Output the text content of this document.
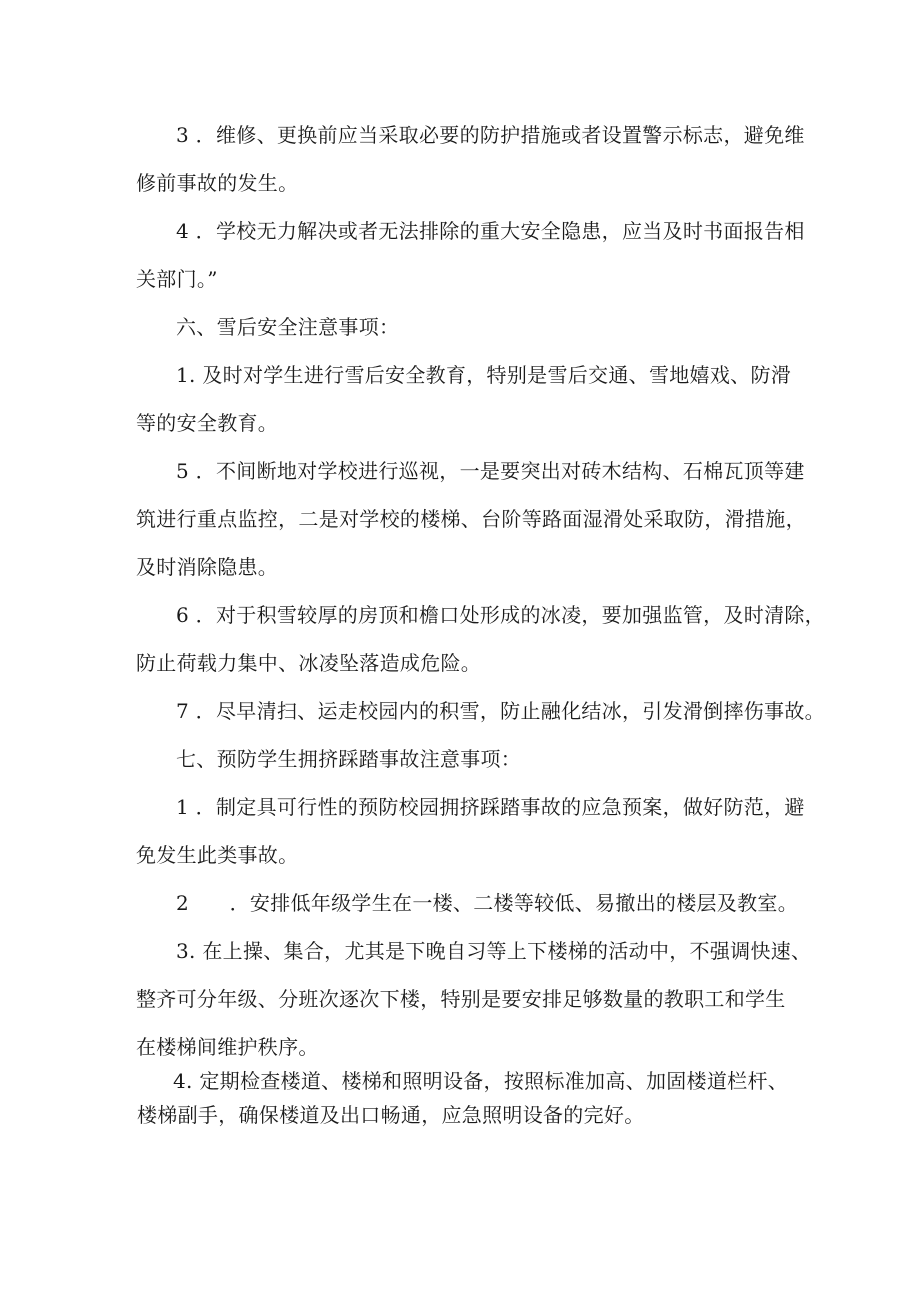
3 ．维修、更换前应当采取必要的防护措施或者设置警示标志，避免维
修前事故的发生。
4 ．学校无力解决或者无法排除的重大安全隐患，应当及时书面报告相
关部门。”
六、雪后安全注意事项：
1. 及时对学生进行雪后安全教育，特别是雪后交通、雪地嬉戏、防滑
等的安全教育。
5 ．不间断地对学校进行巡视，一是要突出对砖木结构、石棉瓦顶等建
筑进行重点监控，二是对学校的楼梯、台阶等路面湿滑处采取防，滑措施，
及时消除隐患。
6 ．对于积雪较厚的房顶和檐口处形成的冰凌，要加强监管，及时清除，
防止荷载力集中、冰凌坠落造成危险。
7 ．尽早清扫、运走校园内的积雪，防止融化结冰，引发滑倒摔伤事故。
七、预防学生拥挤踩踏事故注意事项：
1 ．制定具可行性的预防校园拥挤踩踏事故的应急预案，做好防范，避
免发生此类事故。
2　　．安排低年级学生在一楼、二楼等较低、易撤出的楼层及教室。
3. 在上操、集合，尤其是下晚自习等上下楼梯的活动中，不强调快速、
整齐可分年级、分班次逐次下楼，特别是要安排足够数量的教职工和学生
在楼梯间维护秩序。
4. 定期检查楼道、楼梯和照明设备，按照标准加高、加固楼道栏杆、
楼梯副手，确保楼道及出口畅通，应急照明设备的完好。
